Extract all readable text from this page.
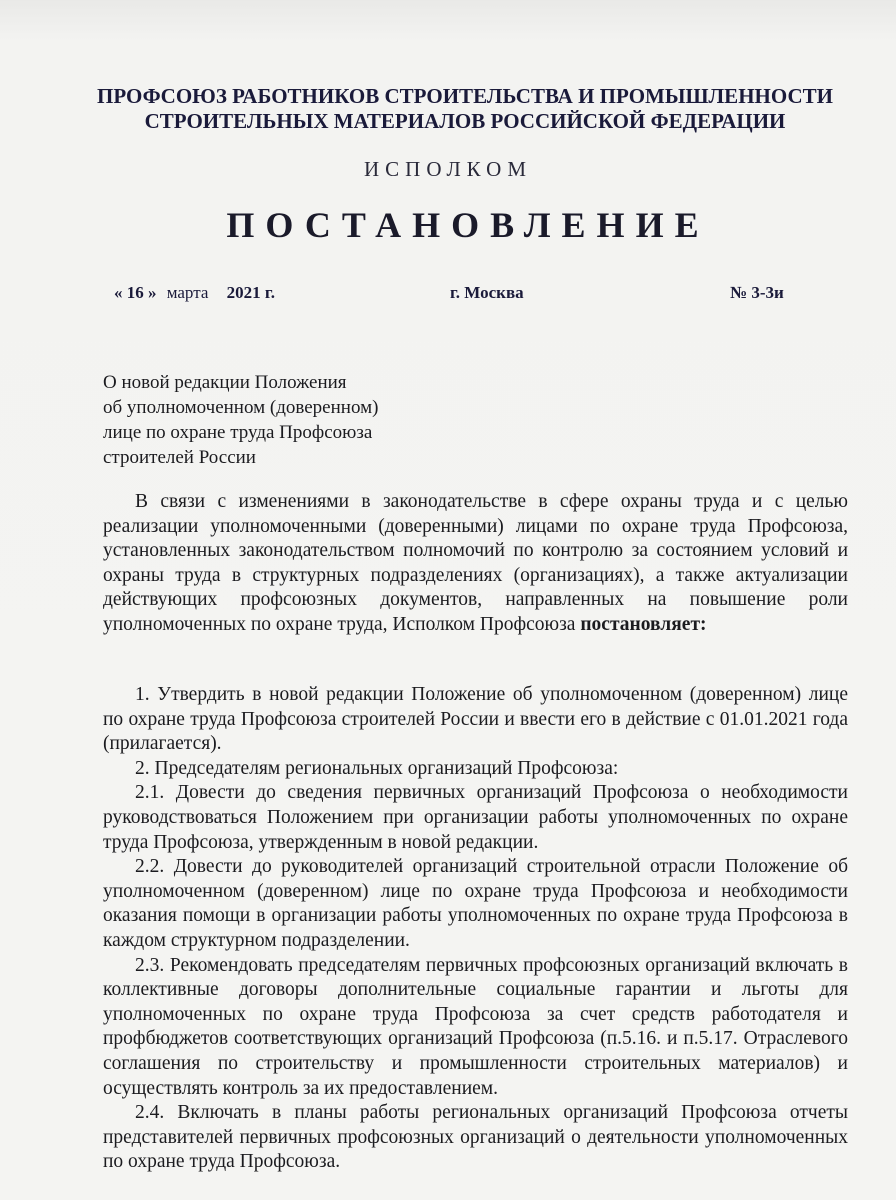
ПРОФСОЮЗ РАБОТНИКОВ СТРОИТЕЛЬСТВА И ПРОМЫШЛЕННОСТИ
СТРОИТЕЛЬНЫХ МАТЕРИАЛОВ РОССИЙСКОЙ ФЕДЕРАЦИИ
ИСПОЛКОМ
ПОСТАНОВЛЕНИЕ
« 16 » марта 2021 г.	г. Москва	№ 3-3и
О новой редакции Положения
об уполномоченном (доверенном)
лице по охране труда Профсоюза
строителей России

В связи с изменениями в законодательстве в сфере охраны труда и с целью реализации уполномоченными (доверенными) лицами по охране труда Профсоюза, установленных законодательством полномочий по контролю за состоянием условий и охраны труда в структурных подразделениях (организациях), а также актуализации действующих профсоюзных документов, направленных на повышение роли уполномоченных по охране труда, Исполком Профсоюза постановляет:

1. Утвердить в новой редакции Положение об уполномоченном (доверенном) лице по охране труда Профсоюза строителей России и ввести его в действие с 01.01.2021 года (прилагается).

2. Председателям региональных организаций Профсоюза:

2.1. Довести до сведения первичных организаций Профсоюза о необходимости руководствоваться Положением при организации работы уполномоченных по охране труда Профсоюза, утвержденным в новой редакции.

2.2. Довести до руководителей организаций строительной отрасли Положение об уполномоченном (доверенном) лице по охране труда Профсоюза и необходимости оказания помощи в организации работы уполномоченных по охране труда Профсоюза в каждом структурном подразделении.

2.3. Рекомендовать председателям первичных профсоюзных организаций включать в коллективные договоры дополнительные социальные гарантии и льготы для уполномоченных по охране труда Профсоюза за счет средств работодателя и профбюджетов соответствующих организаций Профсоюза (п.5.16. и п.5.17. Отраслевого соглашения по строительству и промышленности строительных материалов) и осуществлять контроль за их предоставлением.

2.4. Включать в планы работы региональных организаций Профсоюза отчеты представителей первичных профсоюзных организаций о деятельности уполномоченных по охране труда Профсоюза.
